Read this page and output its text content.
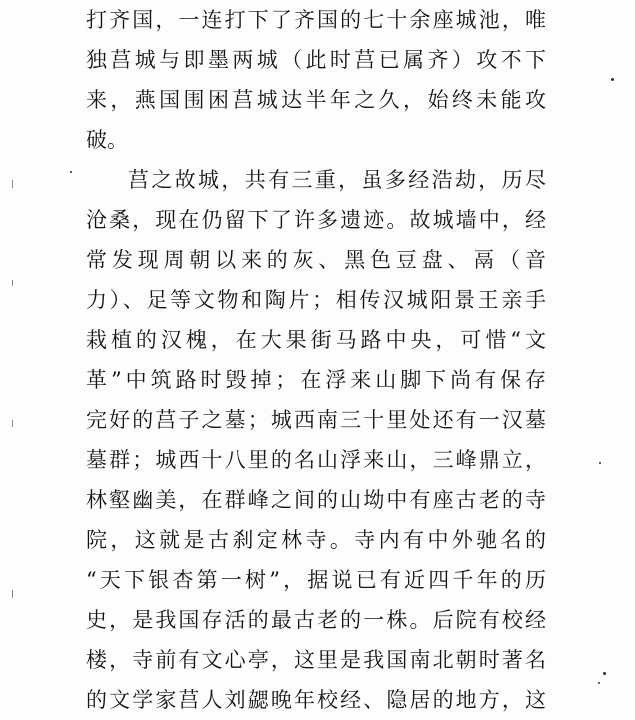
打齐国，一连打下了齐国的七十余座城池，唯
独莒城与即墨两城（此时莒已属齐）攻不下
来，燕国围困莒城达半年之久，始终未能攻
破。
莒之故城，共有三重，虽多经浩劫，历尽
沧桑，现在仍留下了许多遗迹。故城墙中，经
常发现周朝以来的灰、黑色豆盘、鬲（音
力）、足等文物和陶片；相传汉城阳景王亲手
栽植的汉槐，在大果街马路中央，可惜“文
革”中筑路时毁掉；在浮来山脚下尚有保存
完好的莒子之墓；城西南三十里处还有一汉墓
墓群；城西十八里的名山浮来山，三峰鼎立，
林壑幽美，在群峰之间的山坳中有座古老的寺
院，这就是古刹定林寺。寺内有中外驰名的
“天下银杏第一树”，据说已有近四千年的历
史，是我国存活的最古老的一株。后院有校经
楼，寺前有文心亭，这里是我国南北朝时著名
的文学家莒人刘勰晚年校经、隐居的地方，这
